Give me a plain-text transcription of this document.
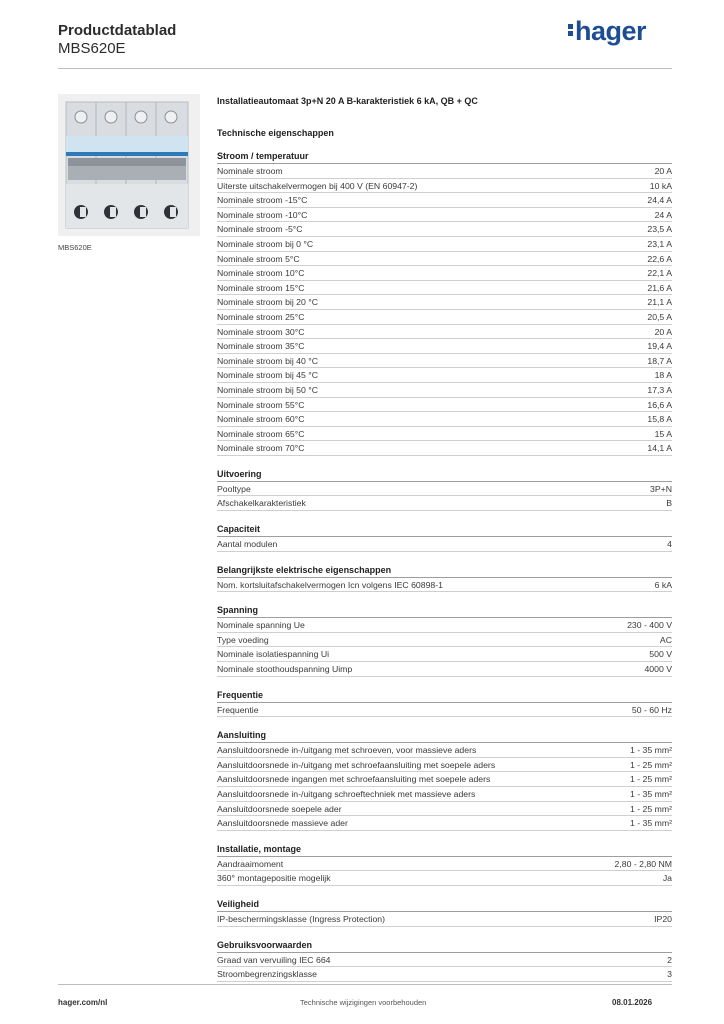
Productdatablad
MBS620E
hager
MBS620E
Installatieautomaat 3p+N 20 A B-karakteristiek 6 kA, QB + QC
Technische eigenschappen
Stroom / temperatuur
Nominale stroom	20 A
Uiterste uitschakelvermogen bij 400 V (EN 60947-2)	10 kA
Nominale stroom -15°C	24,4 A
Nominale stroom -10°C	24 A
Nominale stroom -5°C	23,5 A
Nominale stroom bij 0 °C	23,1 A
Nominale stroom 5°C	22,6 A
Nominale stroom 10°C	22,1 A
Nominale stroom 15°C	21,6 A
Nominale stroom bij 20 °C	21,1 A
Nominale stroom 25°C	20,5 A
Nominale stroom 30°C	20 A
Nominale stroom 35°C	19,4 A
Nominale stroom bij 40 °C	18,7 A
Nominale stroom bij 45 °C	18 A
Nominale stroom bij 50 °C	17,3 A
Nominale stroom 55°C	16,6 A
Nominale stroom 60°C	15,8 A
Nominale stroom 65°C	15 A
Nominale stroom 70°C	14,1 A
Uitvoering
Pooltype	3P+N
Afschakelkarakteristiek	B
Capaciteit
Aantal modulen	4
Belangrijkste elektrische eigenschappen
Nom. kortsluitafschakelvermogen Icn volgens IEC 60898-1	6 kA
Spanning
Nominale spanning Ue	230 - 400 V
Type voeding	AC
Nominale isolatiespanning Ui	500 V
Nominale stoothoudspanning Uimp	4000 V
Frequentie
Frequentie	50 - 60 Hz
Aansluiting
Aansluitdoorsnede in-/uitgang met schroeven, voor massieve aders	1 - 35 mm²
Aansluitdoorsnede in-/uitgang met schroefaansluiting met soepele aders	1 - 25 mm²
Aansluitdoorsnede ingangen met schroefaansluiting met soepele aders	1 - 25 mm²
Aansluitdoorsnede in-/uitgang schroeftechniek met massieve aders	1 - 35 mm²
Aansluitdoorsnede soepele ader	1 - 25 mm²
Aansluitdoorsnede massieve ader	1 - 35 mm²
Installatie, montage
Aandraaimoment	2,80 - 2,80 NM
360° montagepositie mogelijk	Ja
Veiligheid
IP-beschermingsklasse (Ingress Protection)	IP20
Gebruiksvoorwaarden
Graad van vervuiling IEC 664	2
Stroombegrenzingsklasse	3
hager.com/nl	Technische wijzigingen voorbehouden	08.01.2026
